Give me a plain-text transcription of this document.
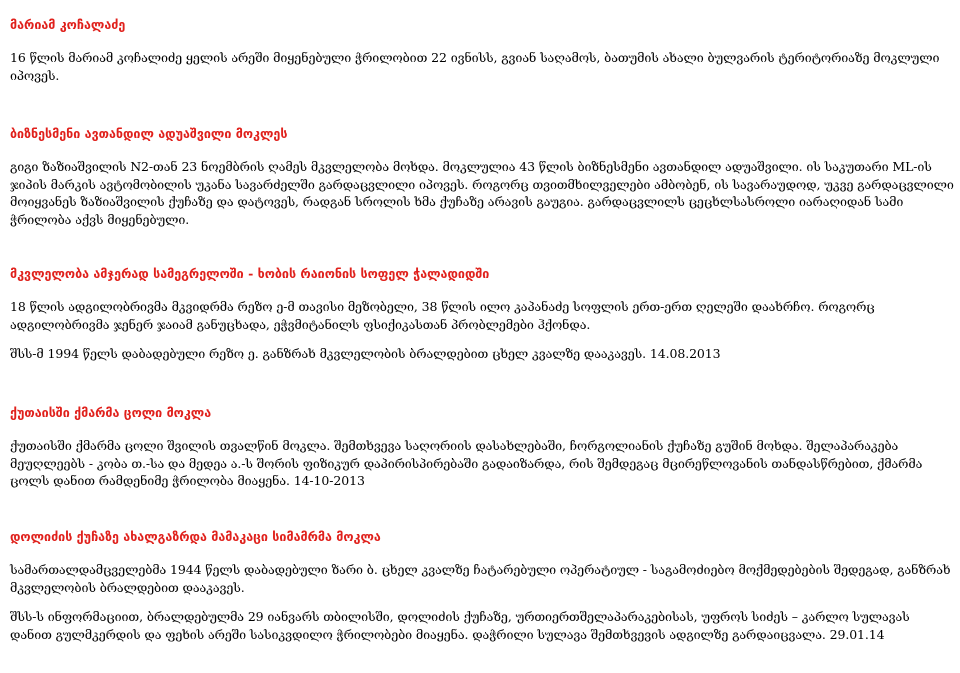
მარიამ კოჩალაძე

16 წლის მარიამ კოჩალიძე ყელის არეში მიყენებული ჭრილობით 22 ივნისს, გვიან საღამოს, ბათუმის ახალი ბულვარის ტერიტორიაზე მოკლული იპოვეს.

ბიზნესმენი ავთანდილ ადუაშვილი მოკლეს

გიგი ზაზიაშვილის N2-თან 23 ნოემბრის ღამეს მკვლელობა მოხდა. მოკლულია 43 წლის ბიზნესმენი ავთანდილ ადუაშვილი. ის საკუთარი ML-ის ჯიპის მარკის ავტომობილის უკანა სავარძელში გარდაცვლილი იპოვეს. როგორც თვითმხილველები ამბობენ, ის სავარაუდოდ, უკვე გარდაცვლილი მოიყვანეს ზაზიაშვილის ქუჩაზე და დატოვეს, რადგან სროლის ხმა ქუჩაზე არავის გაუგია. გარდაცვლილს ცეცხლსასროლი იარაღიდან სამი ჭრილობა აქვს მიყენებული.

მკვლელობა ამჯერად სამეგრელოში - ხობის რაიონის სოფელ ჭალადიდში

18 წლის ადგილობრივმა მკვიდრმა რეზო ე-მ თავისი მეზობელი, 38 წლის ილო კაპანაძე სოფლის ერთ-ერთ ღელეში დაახრჩო. როგორც ადგილობრივმა ჯენერ ჯაიამ განუცხადა, ეჭვმიტანილს ფსიქიკასთან პრობლემები ჰქონდა.

შსს-მ 1994 წელს დაბადებული რეზო ე. განზრახ მკვლელობის ბრალდებით ცხელ კვალზე დააკავეს. 14.08.2013

ქუთაისში ქმარმა ცოლი მოკლა

ქუთაისში ქმარმა ცოლი შვილის თვალწინ მოკლა. შემთხვევა საღორიის დასახლებაში, ჩორგოლიანის ქუჩაზე გუშინ მოხდა. შელაპარაკება მეუღლეებს - კობა თ.-სა და მედეა ა.-ს შორის ფიზიკურ დაპირისპირებაში გადაიზარდა, რის შემდეგაც მცირეწლოვანის თანდასწრებით, ქმარმა ცოლს დანით რამდენიმე ჭრილობა მიაყენა. 14-10-2013

დოლიძის ქუჩაზე ახალგაზრდა მამაკაცი სიმამრმა მოკლა

სამართალდამცველებმა 1944 წელს დაბადებული ზარი ბ. ცხელ კვალზე ჩატარებული ოპერატიულ - საგამოძიებო მოქმედებების შედეგად, განზრახ მკვლელობის ბრალდებით დააკავეს.

შსს-ს ინფორმაციით, ბრალდებულმა 29 იანვარს თბილისში, დოლიძის ქუჩაზე, ურთიერთშელაპარაკებისას, უფროს სიძეს – კარლო სულავას დანით გულმკერდის და ფეხის არეში სასიკვდილო ჭრილობები მიაყენა. დაჭრილი სულავა შემთხვევის ადგილზე გარდაიცვალა. 29.01.14
